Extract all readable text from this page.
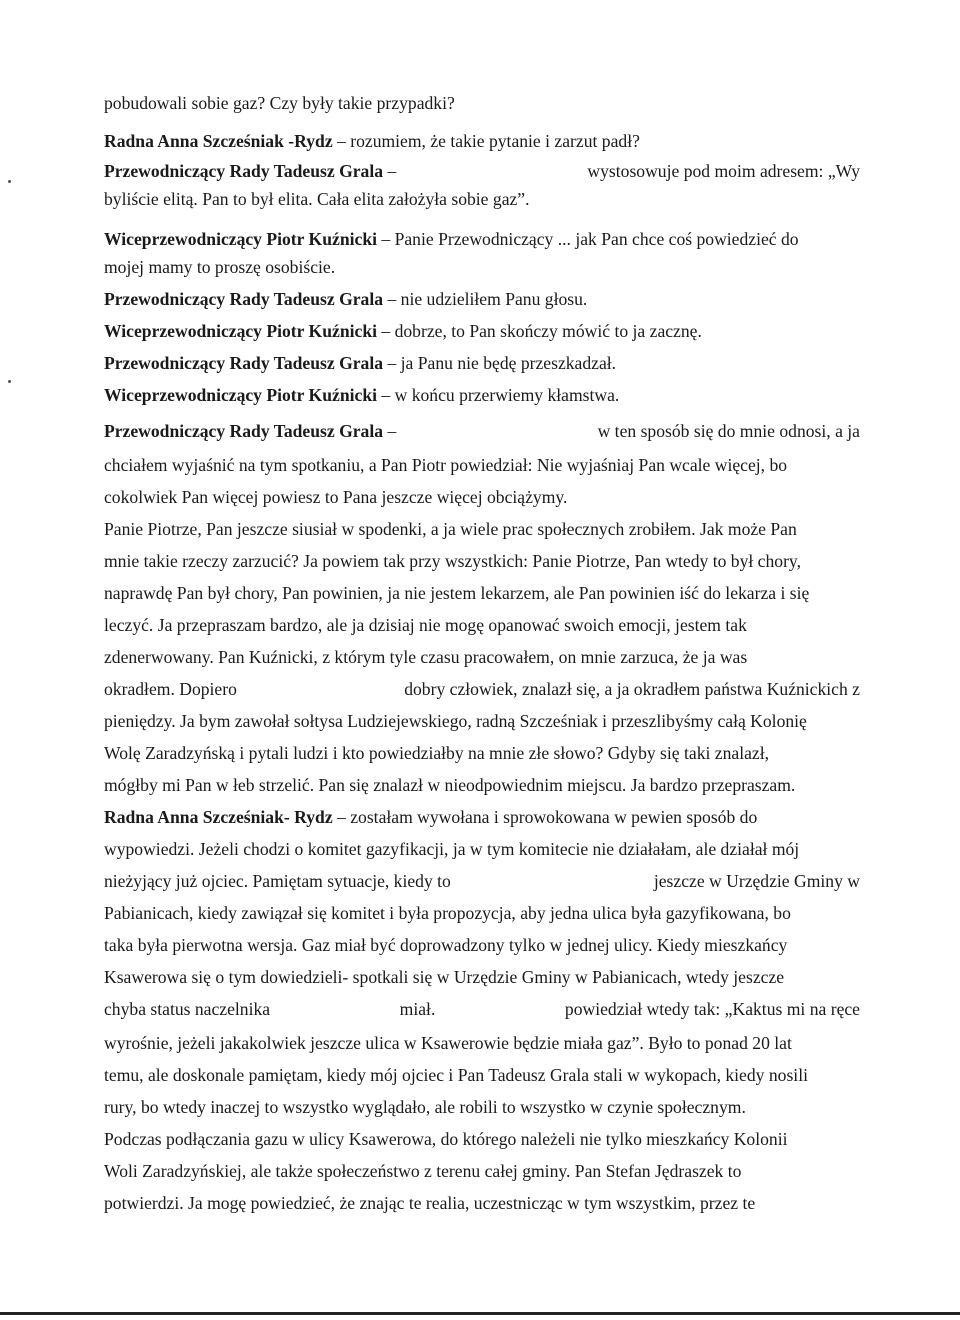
pobudowali sobie gaz? Czy były takie przypadki?
Radna Anna Szcześniak -Rydz – rozumiem, że takie pytanie i zarzut padł?
Przewodniczący Rady Tadeusz Grala –	wystosowuje pod moim adresem: „Wy
byliście elitą. Pan to był elita. Cała elita założyła sobie gaz”.
Wiceprzewodniczący Piotr Kuźnicki – Panie Przewodniczący ... jak Pan chce coś powiedzieć do
mojej mamy to proszę osobiście.
Przewodniczący Rady Tadeusz Grala – nie udzieliłem Panu głosu.
Wiceprzewodniczący Piotr Kuźnicki – dobrze, to Pan skończy mówić to ja zacznę.
Przewodniczący Rady Tadeusz Grala – ja Panu nie będę przeszkadzał.
Wiceprzewodniczący Piotr Kuźnicki – w końcu przerwiemy kłamstwa.
Przewodniczący Rady Tadeusz Grala –	w ten sposób się do mnie odnosi, a ja
chciałem wyjaśnić na tym spotkaniu, a Pan Piotr powiedział: Nie wyjaśniaj Pan wcale więcej, bo
cokolwiek Pan więcej powiesz to Pana jeszcze więcej obciążymy.
Panie Piotrze, Pan jeszcze siusiał w spodenki, a ja wiele prac społecznych zrobiłem. Jak może Pan
mnie takie rzeczy zarzucić? Ja powiem tak przy wszystkich: Panie Piotrze, Pan wtedy to był chory,
naprawdę Pan był chory, Pan powinien, ja nie jestem lekarzem, ale Pan powinien iść do lekarza i się
leczyć. Ja przepraszam bardzo, ale ja dzisiaj nie mogę opanować swoich emocji, jestem tak
zdenerwowany. Pan Kuźnicki, z którym tyle czasu pracowałem, on mnie zarzuca, że ja was
okradłem. Dopiero	dobry człowiek, znalazł się, a ja okradłem państwa Kuźnickich z
pieniędzy. Ja bym zawołał sołtysa Ludziejewskiego, radną Szcześniak i przeszlibyśmy całą Kolonię
Wolę Zaradzyńską i pytali ludzi i kto powiedziałby na mnie złe słowo? Gdyby się taki znalazł,
mógłby mi Pan w łeb strzelić. Pan się znalazł w nieodpowiednim miejscu. Ja bardzo przepraszam.
Radna Anna Szcześniak- Rydz – zostałam wywołana i sprowokowana w pewien sposób do
wypowiedzi. Jeżeli chodzi o komitet gazyfikacji, ja w tym komitecie nie działałam, ale działał mój
nieżyjący już ojciec. Pamiętam sytuacje, kiedy to	jeszcze w Urzędzie Gminy w
Pabianicach, kiedy zawiązał się komitet i była propozycja, aby jedna ulica była gazyfikowana, bo
taka była pierwotna wersja. Gaz miał być doprowadzony tylko w jednej ulicy. Kiedy mieszkańcy
Ksawerowa się o tym dowiedzieli- spotkali się w Urzędzie Gminy w Pabianicach, wtedy jeszcze
chyba status naczelnika	miał.	powiedział wtedy tak: „Kaktus mi na ręce
wyrośnie, jeżeli jakakolwiek jeszcze ulica w Ksawerowie będzie miała gaz”. Było to ponad 20 lat
temu, ale doskonale pamiętam, kiedy mój ojciec i Pan Tadeusz Grala stali w wykopach, kiedy nosili
rury, bo wtedy inaczej to wszystko wyglądało, ale robili to wszystko w czynie społecznym.
Podczas podłączania gazu w ulicy Ksawerowa, do którego należeli nie tylko mieszkańcy Kolonii
Woli Zaradzyńskiej, ale także społeczeństwo z terenu całej gminy. Pan Stefan Jędraszek to
potwierdzi. Ja mogę powiedzieć, że znając te realia, uczestnicząc w tym wszystkim, przez te
